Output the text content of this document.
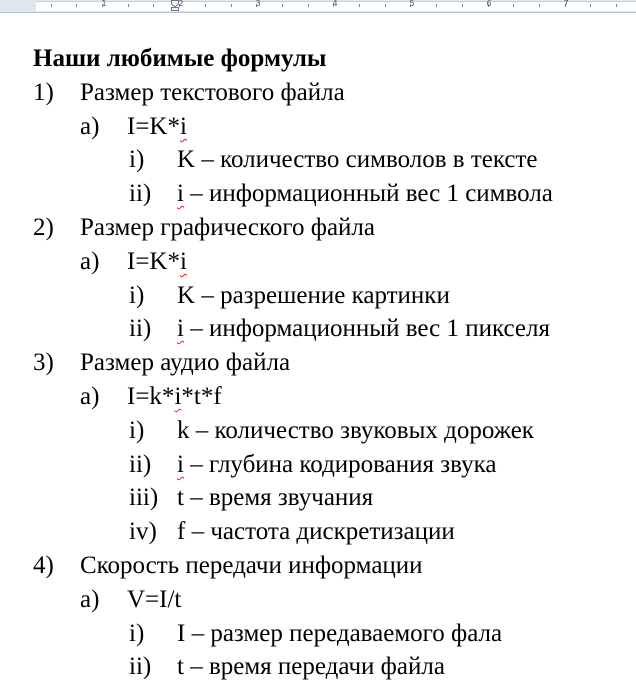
1	2	3	4	5	6	7
Наши любимые формулы
1) Размер текстового файла
a) I=K*i
i) K – количество символов в тексте
ii) i – информационный вес 1 символа
2) Размер графического файла
a) I=K*i
i) K – разрешение картинки
ii) i – информационный вес 1 пикселя
3) Размер аудио файла
a) I=k*i*t*f
i) k – количество звуковых дорожек
ii) i – глубина кодирования звука
iii) t – время звучания
iv) f – частота дискретизации
4) Скорость передачи информации
a) V=I/t
i) I – размер передаваемого фала
ii) t – время передачи файла
